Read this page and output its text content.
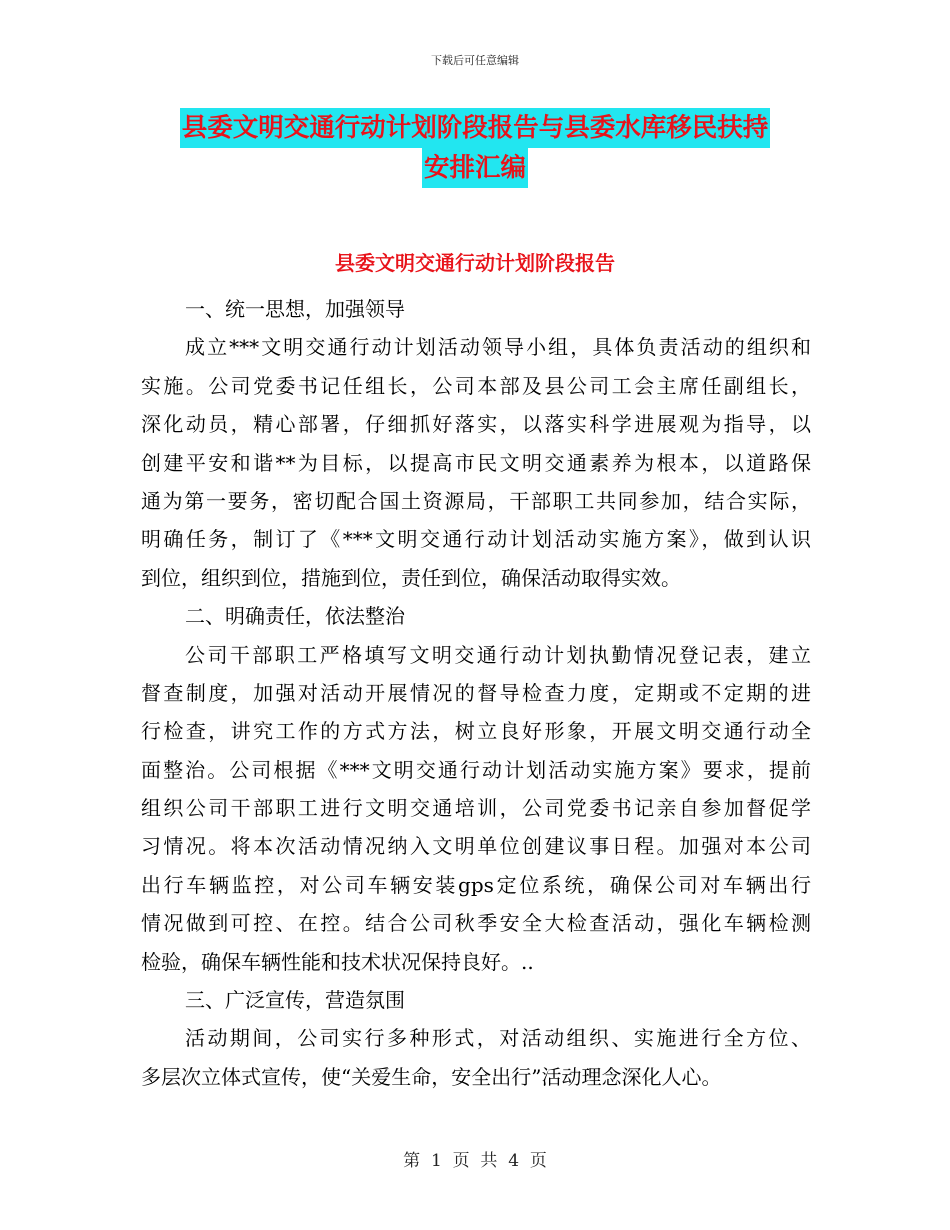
下载后可任意编辑
县委文明交通行动计划阶段报告与县委水库移民扶持
安排汇编
县委文明交通行动计划阶段报告
一、统一思想，加强领导
成立***文明交通行动计划活动领导小组，具体负责活动的组织和
实施。公司党委书记任组长，公司本部及县公司工会主席任副组长，
深化动员，精心部署，仔细抓好落实，以落实科学进展观为指导，以
创建平安和谐**为目标，以提高市民文明交通素养为根本，以道路保
通为第一要务，密切配合国土资源局，干部职工共同参加，结合实际，
明确任务，制订了《***文明交通行动计划活动实施方案》，做到认识
到位，组织到位，措施到位，责任到位，确保活动取得实效。
二、明确责任，依法整治
公司干部职工严格填写文明交通行动计划执勤情况登记表，建立
督查制度，加强对活动开展情况的督导检查力度，定期或不定期的进
行检查，讲究工作的方式方法，树立良好形象，开展文明交通行动全
面整治。公司根据《***文明交通行动计划活动实施方案》要求，提前
组织公司干部职工进行文明交通培训，公司党委书记亲自参加督促学
习情况。将本次活动情况纳入文明单位创建议事日程。加强对本公司
出行车辆监控，对公司车辆安装gps定位系统，确保公司对车辆出行
情况做到可控、在控。结合公司秋季安全大检查活动，强化车辆检测
检验，确保车辆性能和技术状况保持良好。..
三、广泛宣传，营造氛围
活动期间，公司实行多种形式，对活动组织、实施进行全方位、
多层次立体式宣传，使“关爱生命，安全出行”活动理念深化人心。
第  1  页  共  4  页
